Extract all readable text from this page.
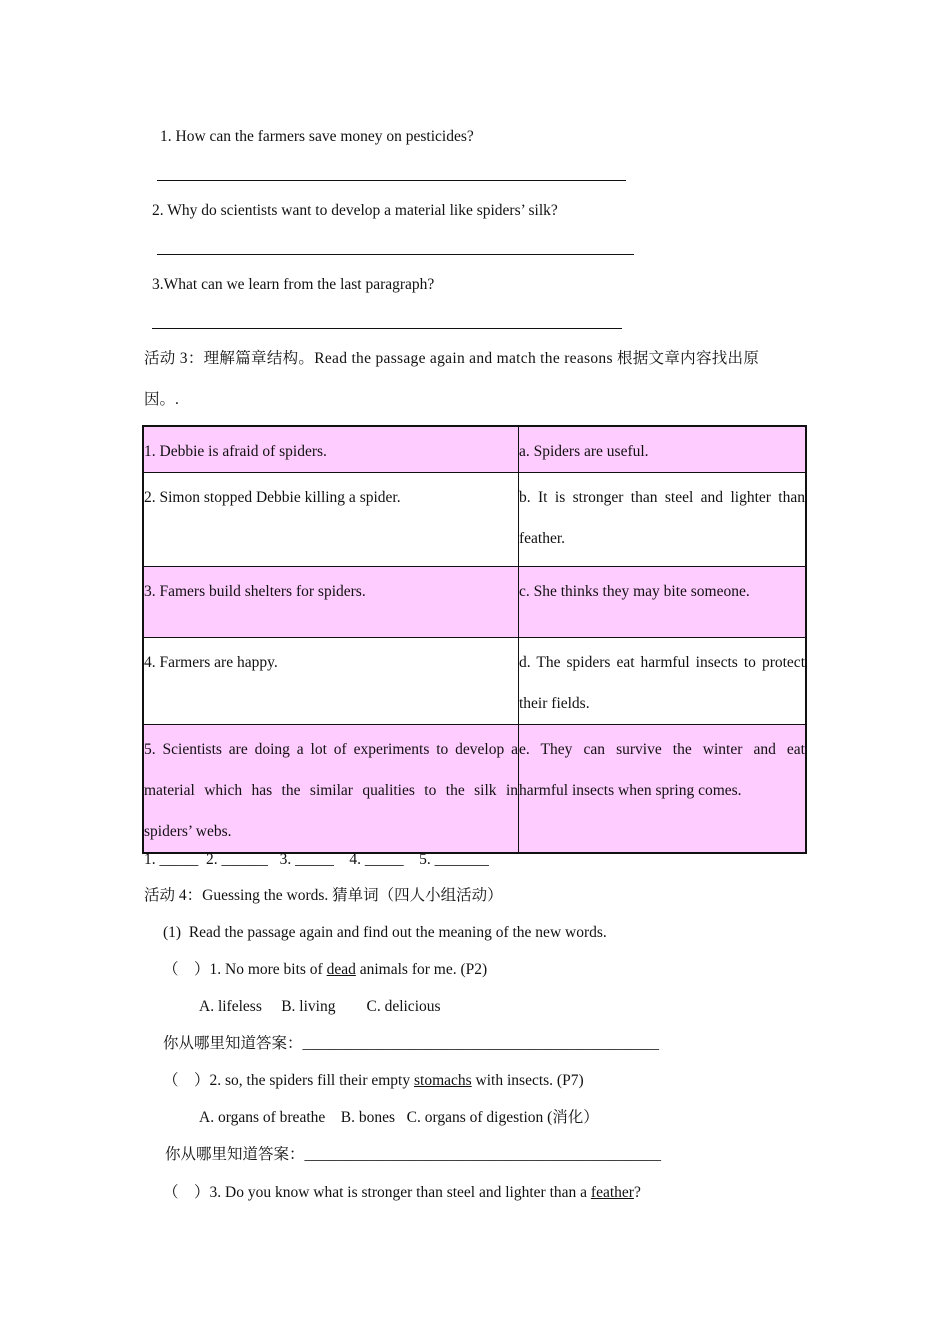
1. How can the farmers save money on pesticides?
2. Why do scientists want to develop a material like spiders’ silk?
3.What can we learn from the last paragraph?
活动 3：理解篇章结构。Read the passage again and match the reasons 根据文章内容找出原
因。.
1. Debbie is afraid of spiders.	a. Spiders are useful.
2. Simon stopped Debbie killing a spider.	b. It is stronger than steel and lighter than feather.
3. Famers build shelters for spiders.	c. She thinks they may bite someone.
4. Farmers are happy.	d. The spiders eat harmful insects to protect their fields.
5. Scientists are doing a lot of experiments to develop a material which has the similar qualities to the silk in spiders’ webs.	e. They can survive the winter and eat harmful insects when spring comes.
1. _____  2. ______   3. _____    4. _____    5. _______
活动 4：Guessing the words. 猜单词（四人小组活动）
(1)  Read the passage again and find out the meaning of the new words.
（    ）1. No more bits of dead animals for me. (P2)
A. lifeless     B. living        C. delicious
你从哪里知道答案：______________________________________________
（    ）2. so, the spiders fill their empty stomachs with insects. (P7)
A. organs of breathe    B. bones   C. organs of digestion (消化）
你从哪里知道答案：______________________________________________
（    ）3. Do you know what is stronger than steel and lighter than a feather?
